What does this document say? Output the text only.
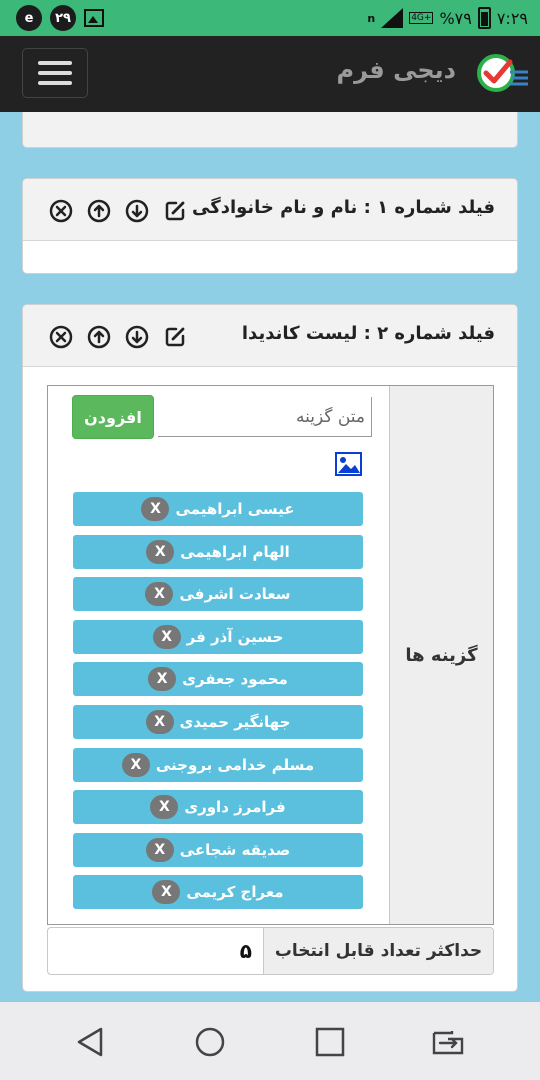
e	۲۹	n	4G+ %۷۹ ۷:۲۹
دیجی فرم
فیلد شماره ۱ : نام و نام خانوادگی
فیلد شماره ۲ : لیست کاندیدا
گزینه ها
متن گزینه
افزودن
عیسی ابراهیمی
X
الهام ابراهیمی
X
سعادت اشرفی
X
حسین آذر فر
X
محمود جعفری
X
جهانگیر حمیدی
X
مسلم خدامی بروجنی
X
فرامرز داوری
X
صدیقه شجاعی
X
معراج کریمی
X
حداکثر تعداد قابل انتخاب
۵
